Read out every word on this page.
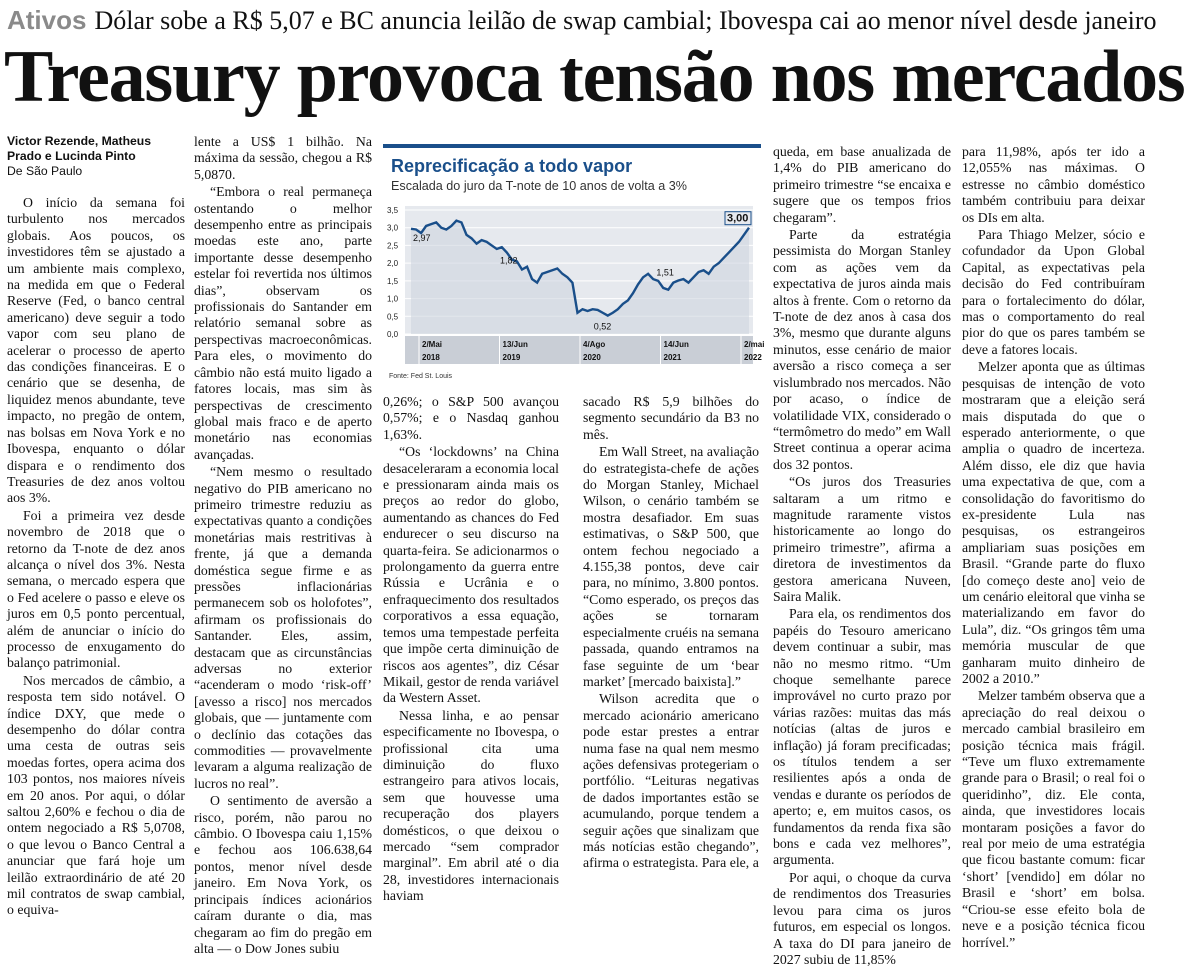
Ativos Dólar sobe a R$ 5,07 e BC anuncia leilão de swap cambial; Ibovespa cai ao menor nível desde janeiro
Treasury provoca tensão nos mercados
Victor Rezende, Matheus Prado e Lucinda Pinto
De São Paulo

O início da semana foi turbulento nos mercados globais. Aos poucos, os investidores têm se ajustado a um ambiente mais complexo, na medida em que o Federal Reserve (Fed, o banco central americano) deve seguir a todo vapor com seu plano de acelerar o processo de aperto das condições financeiras. E o cenário que se desenha, de liquidez menos abundante, teve impacto, no pregão de ontem, nas bolsas em Nova York e no Ibovespa, enquanto o dólar dispara e o rendimento dos Treasuries de dez anos voltou aos 3%.

Foi a primeira vez desde novembro de 2018 que o retorno da T-note de dez anos alcança o nível dos 3%. Nesta semana, o mercado espera que o Fed acelere o passo e eleve os juros em 0,5 ponto percentual, além de anunciar o início do processo de enxugamento do balanço patrimonial.

Nos mercados de câmbio, a resposta tem sido notável. O índice DXY, que mede o desempenho do dólar contra uma cesta de outras seis moedas fortes, opera acima dos 103 pontos, nos maiores níveis em 20 anos. Por aqui, o dólar saltou 2,60% e fechou o dia de ontem negociado a R$ 5,0708, o que levou o Banco Central a anunciar que fará hoje um leilão extraordinário de até 20 mil contratos de swap cambial, o equiva-

lente a US$ 1 bilhão. Na máxima da sessão, chegou a R$ 5,0870.

“Embora o real permaneça ostentando o melhor desempenho entre as principais moedas este ano, parte importante desse desempenho estelar foi revertida nos últimos dias”, observam os profissionais do Santander em relatório semanal sobre as perspectivas macroeconômicas. Para eles, o movimento do câmbio não está muito ligado a fatores locais, mas sim às perspectivas de crescimento global mais fraco e de aperto monetário nas economias avançadas.

“Nem mesmo o resultado negativo do PIB americano no primeiro trimestre reduziu as expectativas quanto a condições monetárias mais restritivas à frente, já que a demanda doméstica segue firme e as pressões inflacionárias permanecem sob os holofotes”, afirmam os profissionais do Santander. Eles, assim, destacam que as circunstâncias adversas no exterior “acenderam o modo ‘risk-off’ [avesso a risco] nos mercados globais, que — juntamente com o declínio das cotações das commodities — provavelmente levaram a alguma realização de lucros no real”.

O sentimento de aversão a risco, porém, não parou no câmbio. O Ibovespa caiu 1,15% e fechou aos 106.638,64 pontos, menor nível desde janeiro. Em Nova York, os principais índices acionários caíram durante o dia, mas chegaram ao fim do pregão em alta — o Dow Jones subiu

Reprecificação a todo vapor
Escalada do juro da T-note de 10 anos de volta a 3%
3,5
3,0
2,5
2,0
1,5
1,0
0,5
0,0
2,97
1,82
0,52
1,51
3,00
2/Mai
2018
13/Jun
2019
4/Ago
2020
14/Jun
2021
2/mai
2022
Fonte: Fed St. Louis

0,26%; o S&P 500 avançou 0,57%; e o Nasdaq ganhou 1,63%.

“Os ‘lockdowns’ na China desaceleraram a economia local e pressionaram ainda mais os preços ao redor do globo, aumentando as chances do Fed endurecer o seu discurso na quarta-feira. Se adicionarmos o prolongamento da guerra entre Rússia e Ucrânia e o enfraquecimento dos resultados corporativos a essa equação, temos uma tempestade perfeita que impõe certa diminuição de riscos aos agentes”, diz César Mikail, gestor de renda variável da Western Asset.

Nessa linha, e ao pensar especificamente no Ibovespa, o profissional cita uma diminuição do fluxo estrangeiro para ativos locais, sem que houvesse uma recuperação dos players domésticos, o que deixou o mercado “sem comprador marginal”. Em abril até o dia 28, investidores internacionais haviam

sacado R$ 5,9 bilhões do segmento secundário da B3 no mês.

Em Wall Street, na avaliação do estrategista-chefe de ações do Morgan Stanley, Michael Wilson, o cenário também se mostra desafiador. Em suas estimativas, o S&P 500, que ontem fechou negociado a 4.155,38 pontos, deve cair para, no mínimo, 3.800 pontos. “Como esperado, os preços das ações se tornaram especialmente cruéis na semana passada, quando entramos na fase seguinte de um ‘bear market’ [mercado baixista].”

Wilson acredita que o mercado acionário americano pode estar prestes a entrar numa fase na qual nem mesmo ações defensivas protegeriam o portfólio. “Leituras negativas de dados importantes estão se acumulando, porque tendem a seguir ações que sinalizam que más notícias estão chegando”, afirma o estrategista. Para ele, a

queda, em base anualizada de 1,4% do PIB americano do primeiro trimestre “se encaixa e sugere que os tempos frios chegaram”.

Parte da estratégia pessimista do Morgan Stanley com as ações vem da expectativa de juros ainda mais altos à frente. Com o retorno da T-note de dez anos à casa dos 3%, mesmo que durante alguns minutos, esse cenário de maior aversão a risco começa a ser vislumbrado nos mercados. Não por acaso, o índice de volatilidade VIX, considerado o “termômetro do medo” em Wall Street continua a operar acima dos 32 pontos.

“Os juros dos Treasuries saltaram a um ritmo e magnitude raramente vistos historicamente ao longo do primeiro trimestre”, afirma a diretora de investimentos da gestora americana Nuveen, Saira Malik.

Para ela, os rendimentos dos papéis do Tesouro americano devem continuar a subir, mas não no mesmo ritmo. “Um choque semelhante parece improvável no curto prazo por várias razões: muitas das más notícias (altas de juros e inflação) já foram precificadas; os títulos tendem a ser resilientes após a onda de vendas e durante os períodos de aperto; e, em muitos casos, os fundamentos da renda fixa são bons e cada vez melhores”, argumenta.

Por aqui, o choque da curva de rendimentos dos Treasuries levou para cima os juros futuros, em especial os longos. A taxa do DI para janeiro de 2027 subiu de 11,85%

para 11,98%, após ter ido a 12,055% nas máximas. O estresse no câmbio doméstico também contribuiu para deixar os DIs em alta.

Para Thiago Melzer, sócio e cofundador da Upon Global Capital, as expectativas pela decisão do Fed contribuíram para o fortalecimento do dólar, mas o comportamento do real pior do que os pares também se deve a fatores locais.

Melzer aponta que as últimas pesquisas de intenção de voto mostraram que a eleição será mais disputada do que o esperado anteriormente, o que amplia o quadro de incerteza. Além disso, ele diz que havia uma expectativa de que, com a consolidação do favoritismo do ex-presidente Lula nas pesquisas, os estrangeiros ampliariam suas posições em Brasil. “Grande parte do fluxo [do começo deste ano] veio de um cenário eleitoral que vinha se materializando em favor do Lula”, diz. “Os gringos têm uma memória muscular de que ganharam muito dinheiro de 2002 a 2010.”

Melzer também observa que a apreciação do real deixou o mercado cambial brasileiro em posição técnica mais frágil. “Teve um fluxo extremamente grande para o Brasil; o real foi o queridinho”, diz. Ele conta, ainda, que investidores locais montaram posições a favor do real por meio de uma estratégia que ficou bastante comum: ficar ‘short’ [vendido] em dólar no Brasil e ‘short’ em bolsa. “Criou-se esse efeito bola de neve e a posição técnica ficou horrível.”
